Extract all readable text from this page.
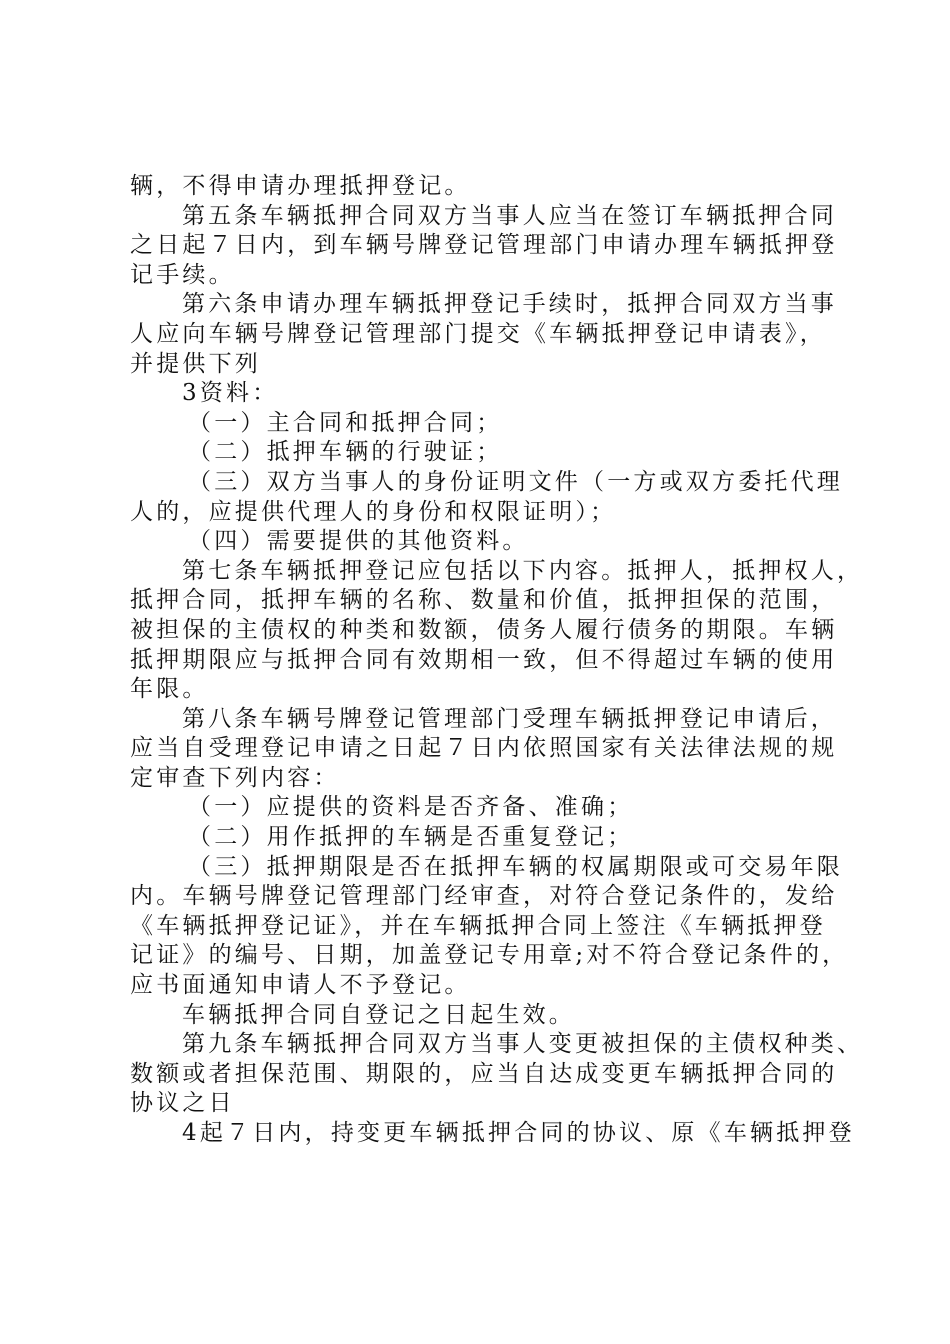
辆，不得申请办理抵押登记。
第五条车辆抵押合同双方当事人应当在签订车辆抵押合同
之日起７日内，到车辆号牌登记管理部门申请办理车辆抵押登
记手续。
第六条申请办理车辆抵押登记手续时，抵押合同双方当事
人应向车辆号牌登记管理部门提交《车辆抵押登记申请表》，
并提供下列
3资料：
（一）主合同和抵押合同；
（二）抵押车辆的行驶证；
（三）双方当事人的身份证明文件（一方或双方委托代理
人的，应提供代理人的身份和权限证明）；
（四）需要提供的其他资料。
第七条车辆抵押登记应包括以下内容。抵押人，抵押权人，
抵押合同，抵押车辆的名称、数量和价值，抵押担保的范围，
被担保的主债权的种类和数额，债务人履行债务的期限。车辆
抵押期限应与抵押合同有效期相一致，但不得超过车辆的使用
年限。
第八条车辆号牌登记管理部门受理车辆抵押登记申请后，
应当自受理登记申请之日起７日内依照国家有关法律法规的规
定审查下列内容：
（一）应提供的资料是否齐备、准确；
（二）用作抵押的车辆是否重复登记；
（三）抵押期限是否在抵押车辆的权属期限或可交易年限
内。车辆号牌登记管理部门经审查，对符合登记条件的，发给
《车辆抵押登记证》，并在车辆抵押合同上签注《车辆抵押登
记证》的编号、日期，加盖登记专用章;对不符合登记条件的，
应书面通知申请人不予登记。
车辆抵押合同自登记之日起生效。
第九条车辆抵押合同双方当事人变更被担保的主债权种类、
数额或者担保范围、期限的，应当自达成变更车辆抵押合同的
协议之日
4起７日内，持变更车辆抵押合同的协议、原《车辆抵押登
